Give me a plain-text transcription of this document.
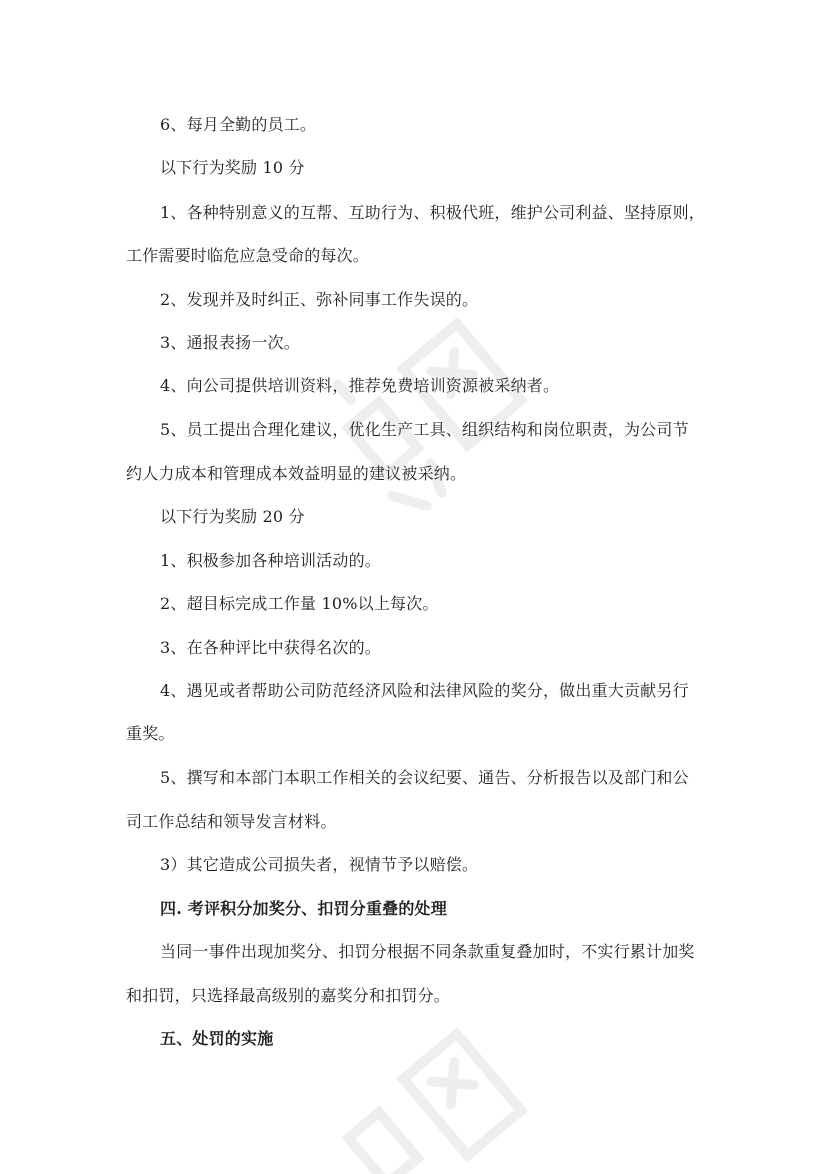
6、每月全勤的员工。
以下行为奖励 10 分
1、各种特别意义的互帮、互助行为、积极代班，维护公司利益、坚持原则，
工作需要时临危应急受命的每次。
2、发现并及时纠正、弥补同事工作失误的。
3、通报表扬一次。
4、向公司提供培训资料，推荐免费培训资源被采纳者。
5、员工提出合理化建议，优化生产工具、组织结构和岗位职责，为公司节
约人力成本和管理成本效益明显的建议被采纳。
以下行为奖励 20 分
1、积极参加各种培训活动的。
2、超目标完成工作量 10%以上每次。
3、在各种评比中获得名次的。
4、遇见或者帮助公司防范经济风险和法律风险的奖分，做出重大贡献另行
重奖。
5、撰写和本部门本职工作相关的会议纪要、通告、分析报告以及部门和公
司工作总结和领导发言材料。
3）其它造成公司损失者，视情节予以赔偿。
四. 考评积分加奖分、扣罚分重叠的处理
当同一事件出现加奖分、扣罚分根据不同条款重复叠加时，不实行累计加奖
和扣罚，只选择最高级别的嘉奖分和扣罚分。
五、处罚的实施
